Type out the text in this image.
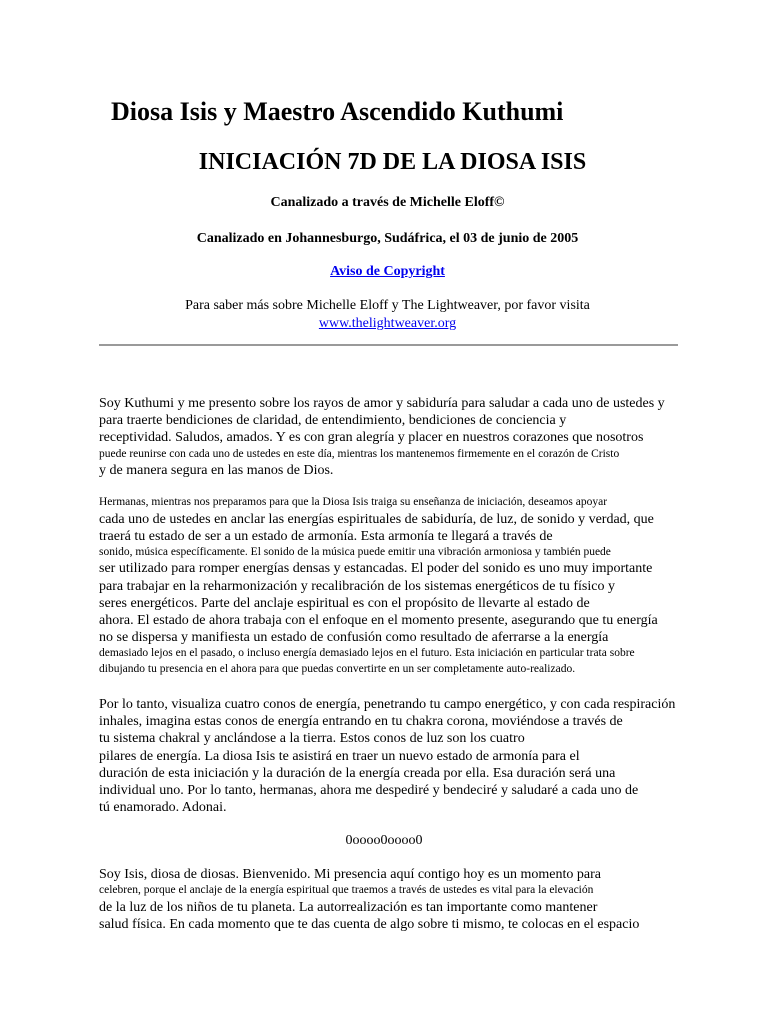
Diosa Isis y Maestro Ascendido Kuthumi
INICIACIÓN 7D DE LA DIOSA ISIS

Canalizado a través de Michelle Eloff©

Canalizado en Johannesburgo, Sudáfrica, el 03 de junio de 2005

Aviso de Copyright

Para saber más sobre Michelle Eloff y The Lightweaver, por favor visita

www.thelightweaver.org

Soy Kuthumi y me presento sobre los rayos de amor y sabiduría para saludar a cada uno de ustedes y
para traerte bendiciones de claridad, de entendimiento, bendiciones de conciencia y
receptividad. Saludos, amados. Y es con gran alegría y placer en nuestros corazones que nosotros
puede reunirse con cada uno de ustedes en este día, mientras los mantenemos firmemente en el corazón de Cristo
y de manera segura en las manos de Dios.
Hermanas, mientras nos preparamos para que la Diosa Isis traiga su enseñanza de iniciación, deseamos apoyar
cada uno de ustedes en anclar las energías espirituales de sabiduría, de luz, de sonido y verdad, que
traerá tu estado de ser a un estado de armonía. Esta armonía te llegará a través de
sonido, música específicamente. El sonido de la música puede emitir una vibración armoniosa y también puede
ser utilizado para romper energías densas y estancadas. El poder del sonido es uno muy importante
para trabajar en la reharmonización y recalibración de los sistemas energéticos de tu físico y
seres energéticos. Parte del anclaje espiritual es con el propósito de llevarte al estado de
ahora. El estado de ahora trabaja con el enfoque en el momento presente, asegurando que tu energía
no se dispersa y manifiesta un estado de confusión como resultado de aferrarse a la energía
demasiado lejos en el pasado, o incluso energía demasiado lejos en el futuro. Esta iniciación en particular trata sobre
dibujando tu presencia en el ahora para que puedas convertirte en un ser completamente auto-realizado.
Por lo tanto, visualiza cuatro conos de energía, penetrando tu campo energético, y con cada respiración
inhales, imagina estas conos de energía entrando en tu chakra corona, moviéndose a través de
tu sistema chakral y anclándose a la tierra. Estos conos de luz son los cuatro
pilares de energía. La diosa Isis te asistirá en traer un nuevo estado de armonía para el
duración de esta iniciación y la duración de la energía creada por ella. Esa duración será una
individual uno. Por lo tanto, hermanas, ahora me despediré y bendeciré y saludaré a cada uno de
tú enamorado. Adonai.

0oooo0oooo0

Soy Isis, diosa de diosas. Bienvenido. Mi presencia aquí contigo hoy es un momento para
celebren, porque el anclaje de la energía espiritual que traemos a través de ustedes es vital para la elevación
de la luz de los niños de tu planeta. La autorrealización es tan importante como mantener
salud física. En cada momento que te das cuenta de algo sobre ti mismo, te colocas en el espacio
